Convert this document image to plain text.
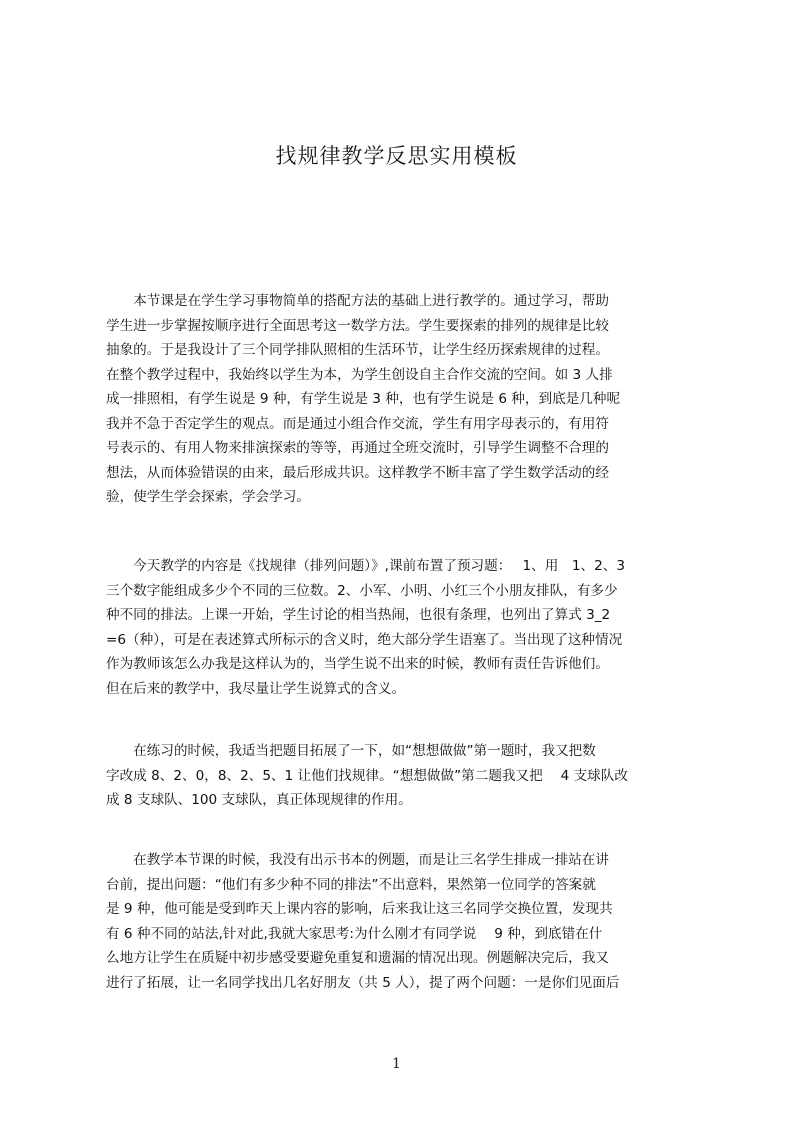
找规律教学反思实用模板
　　本节课是在学生学习事物简单的搭配方法的基础上进行教学的。通过学习，帮助
学生进一步掌握按顺序进行全面思考这一数学方法。学生要探索的排列的规律是比较
抽象的。于是我设计了三个同学排队照相的生活环节，让学生经历探索规律的过程。
在整个教学过程中，我始终以学生为本，为学生创设自主合作交流的空间。如 3 人排
成一排照相，有学生说是 9 种，有学生说是 3 种，也有学生说是 6 种，到底是几种呢
我并不急于否定学生的观点。而是通过小组合作交流，学生有用字母表示的，有用符
号表示的、有用人物来排演探索的等等，再通过全班交流时，引导学生调整不合理的
想法，从而体验错误的由来，最后形成共识。这样教学不断丰富了学生数学活动的经
验，使学生学会探索，学会学习。
　　今天教学的内容是《找规律（排列问题）》,课前布置了预习题：　 1、用　1、2、3
三个数字能组成多少个不同的三位数。2、小军、小明、小红三个小朋友排队，有多少
种不同的排法。上课一开始，学生讨论的相当热闹，也很有条理，也列出了算式 3_2
=6（种），可是在表述算式所标示的含义时，绝大部分学生语塞了。当出现了这种情况
作为教师该怎么办我是这样认为的，当学生说不出来的时候，教师有责任告诉他们。
但在后来的教学中，我尽量让学生说算式的含义。
　　在练习的时候，我适当把题目拓展了一下，如“想想做做”第一题时，我又把数
字改成 8、2、0，8、2、5、1 让他们找规律。“想想做做”第二题我又把　 4 支球队改
成 8 支球队、100 支球队，真正体现规律的作用。
　　在教学本节课的时候，我没有出示书本的例题，而是让三名学生排成一排站在讲
台前，提出问题：“他们有多少种不同的排法”不出意料，果然第一位同学的答案就
是 9 种，他可能是受到昨天上课内容的影响，后来我让这三名同学交换位置，发现共
有 6 种不同的站法,针对此,我就大家思考:为什么刚才有同学说　 9 种，到底错在什
么地方让学生在质疑中初步感受要避免重复和遗漏的情况出现。例题解决完后，我又
进行了拓展，让一名同学找出几名好朋友（共 5 人），提了两个问题：一是你们见面后
1
